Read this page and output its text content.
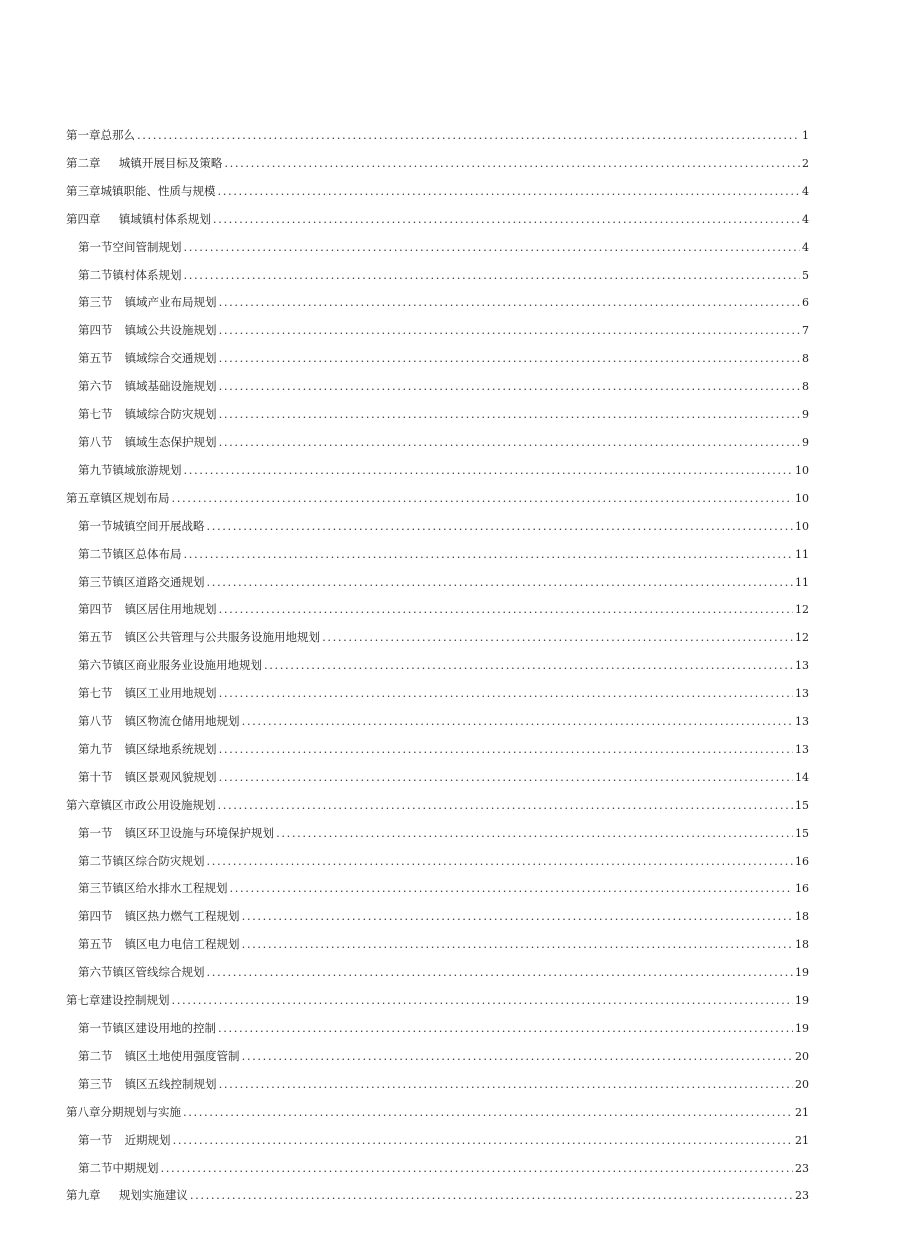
第一章总那么 .....	1
第二章 城镇开展目标及策略 .....	2
第三章城镇职能、性质与规模 .....	4
第四章 镇域镇村体系规划 .....	4
第一节空间管制规划 .....	4
第二节镇村体系规划 .....	5
第三节 镇域产业布局规划 .....	6
第四节 镇域公共设施规划 .....	7
第五节 镇域综合交通规划 .....	8
第六节 镇域基础设施规划 .....	8
第七节 镇域综合防灾规划 .....	9
第八节 镇域生态保护规划 .....	9
第九节镇域旅游规划 .....	10
第五章镇区规划布局 .....	10
第一节城镇空间开展战略 .....	10
第二节镇区总体布局 .....	11
第三节镇区道路交通规划 .....	11
第四节 镇区居住用地规划 .....	12
第五节 镇区公共管理与公共服务设施用地规划 .....	12
第六节镇区商业服务业设施用地规划 .....	13
第七节 镇区工业用地规划 .....	13
第八节 镇区物流仓储用地规划 .....	13
第九节 镇区绿地系统规划 .....	13
第十节 镇区景观风貌规划 .....	14
第六章镇区市政公用设施规划 .....	15
第一节 镇区环卫设施与环境保护规划 .....	15
第二节镇区综合防灾规划 .....	16
第三节镇区给水排水工程规划 .....	16
第四节 镇区热力燃气工程规划 .....	18
第五节 镇区电力电信工程规划 .....	18
第六节镇区管线综合规划 .....	19
第七章建设控制规划 .....	19
第一节镇区建设用地的控制 .....	19
第二节 镇区土地使用强度管制 .....	20
第三节 镇区五线控制规划 .....	20
第八章分期规划与实施 .....	21
第一节 近期规划 .....	21
第二节中期规划 .....	23
第九章 规划实施建议 .....	23
